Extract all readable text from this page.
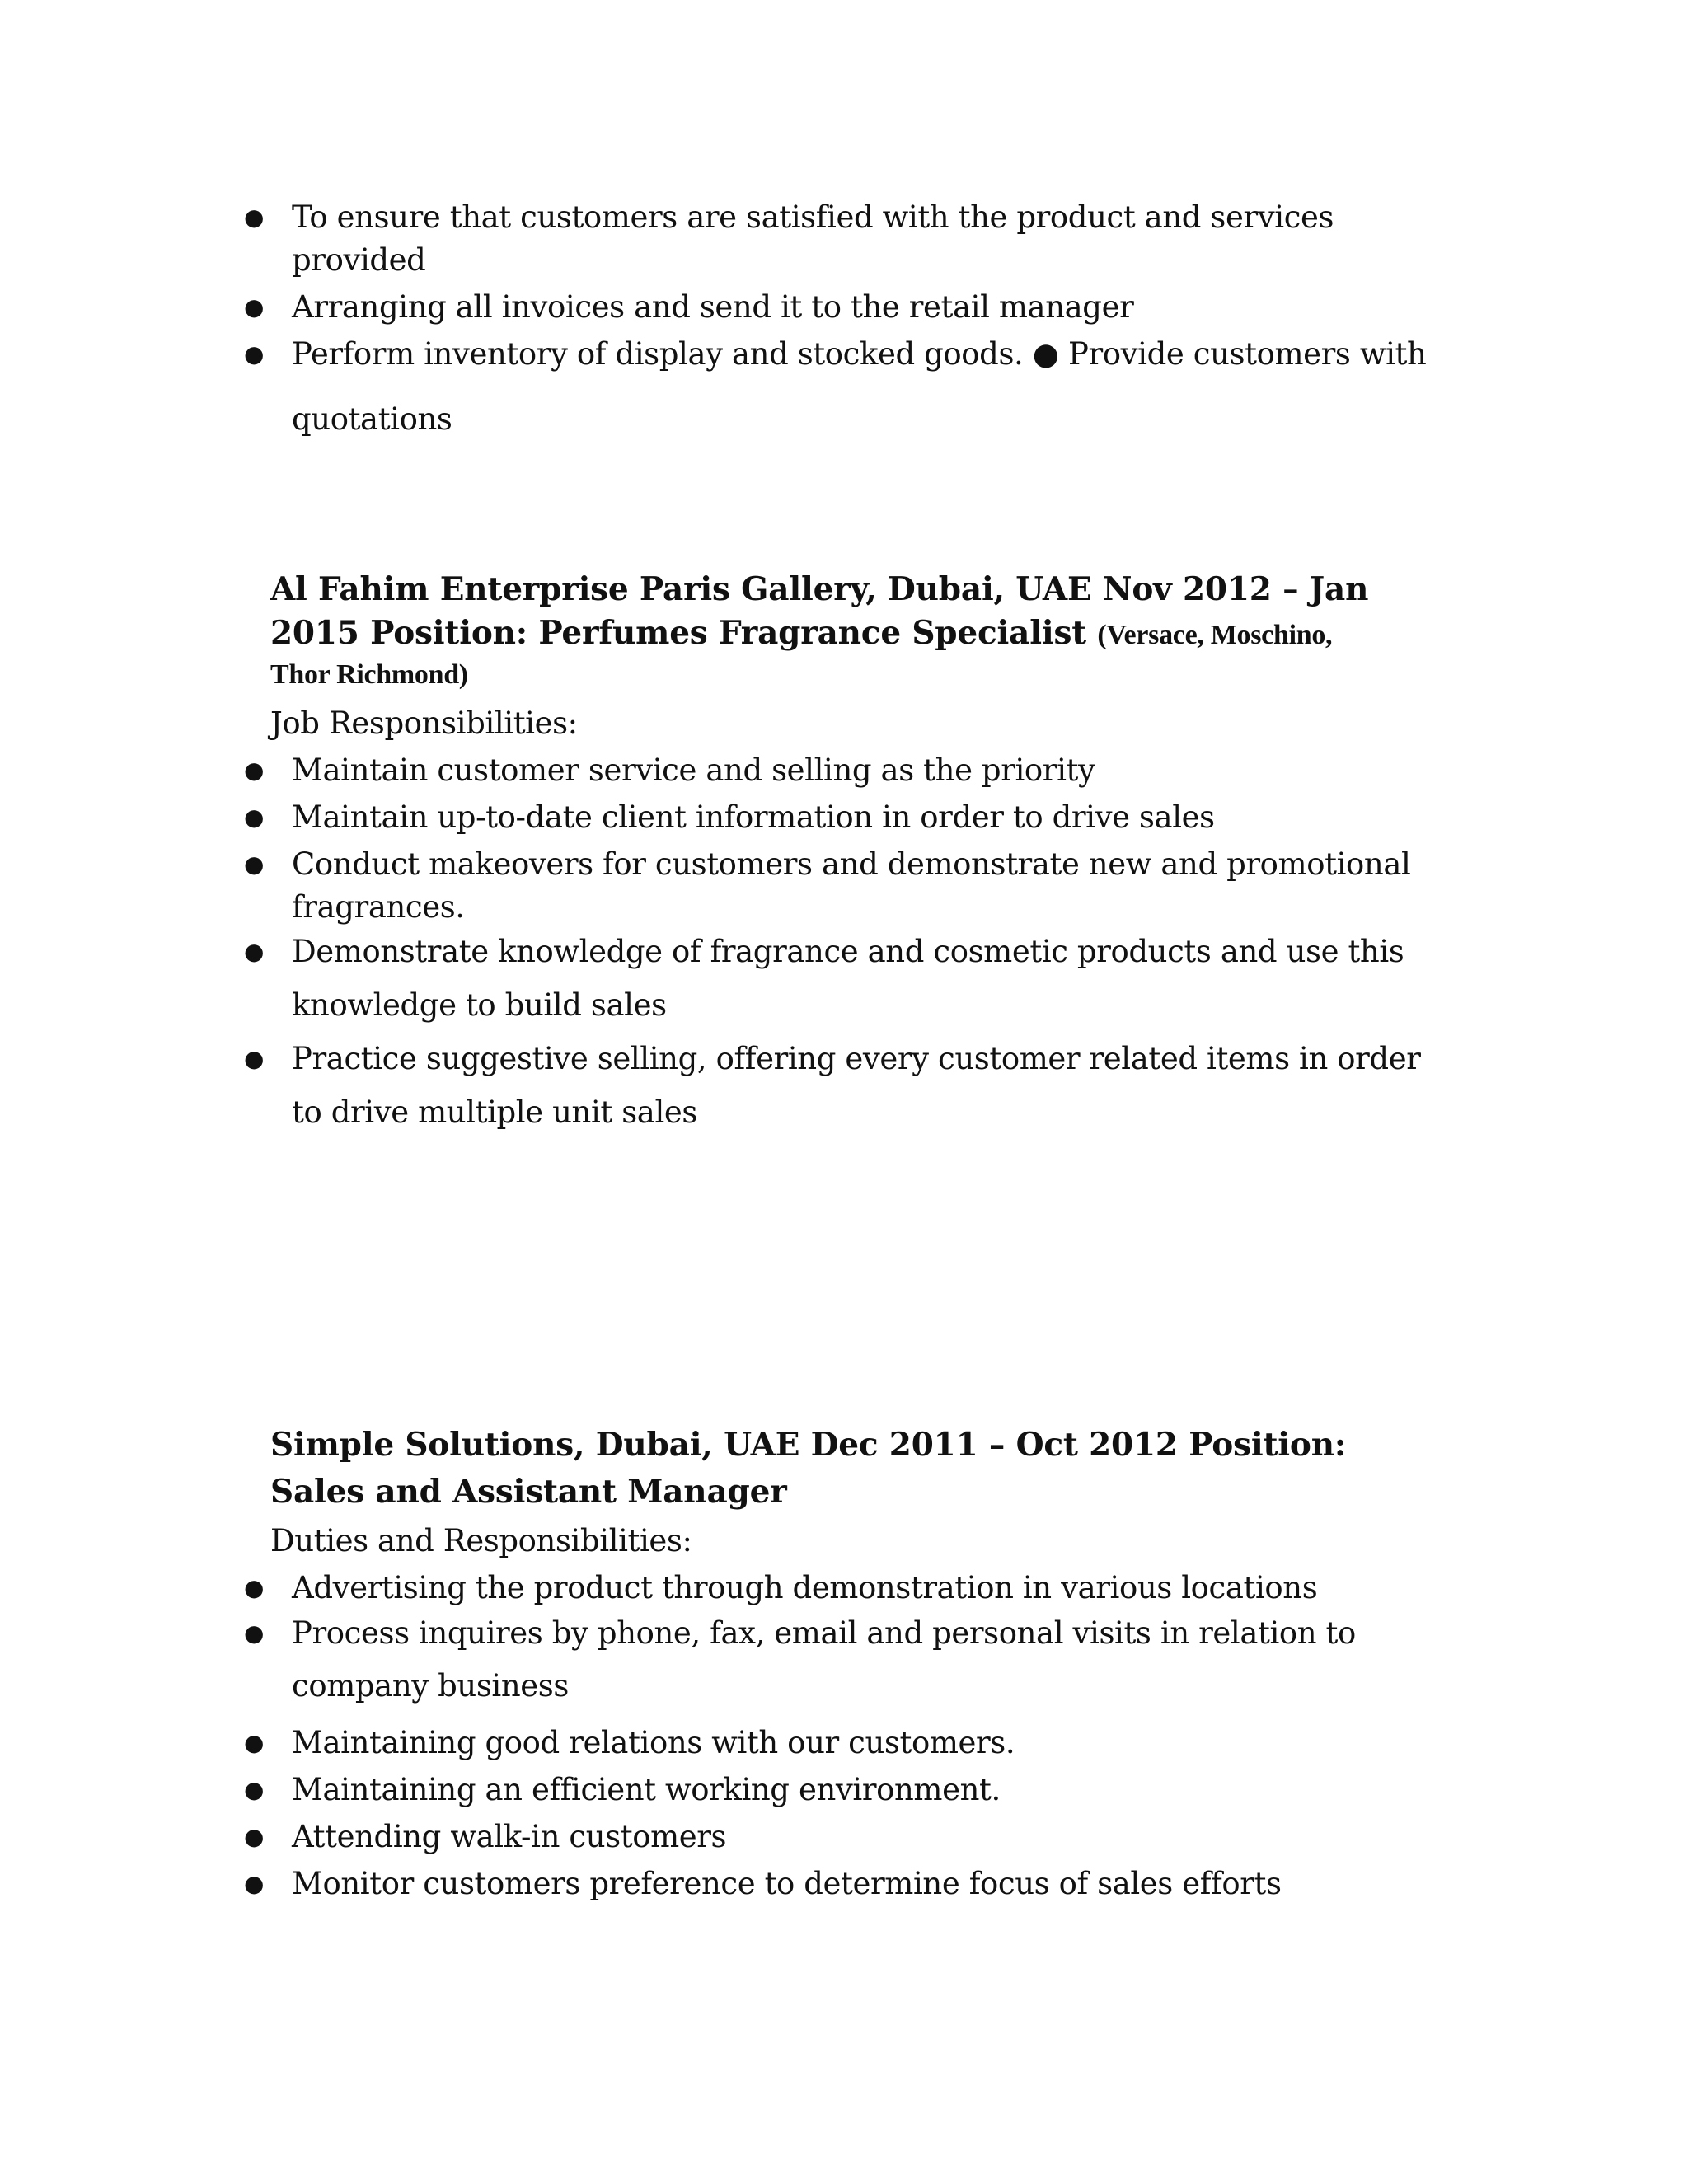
● To ensure that customers are satisfied with the product and services
provided
● Arranging all invoices and send it to the retail manager
● Perform inventory of display and stocked goods. ● Provide customers with
quotations
Al Fahim Enterprise Paris Gallery, Dubai, UAE Nov 2012 – Jan
2015 Position: Perfumes Fragrance Specialist (Versace, Moschino,
Thor Richmond)
Job Responsibilities:
● Maintain customer service and selling as the priority
● Maintain up-to-date client information in order to drive sales
● Conduct makeovers for customers and demonstrate new and promotional
fragrances.
● Demonstrate knowledge of fragrance and cosmetic products and use this
knowledge to build sales
● Practice suggestive selling, offering every customer related items in order
to drive multiple unit sales
Simple Solutions, Dubai, UAE Dec 2011 – Oct 2012 Position:
Sales and Assistant Manager
Duties and Responsibilities:
● Advertising the product through demonstration in various locations
● Process inquires by phone, fax, email and personal visits in relation to
company business
● Maintaining good relations with our customers.
● Maintaining an efficient working environment.
● Attending walk-in customers
● Monitor customers preference to determine focus of sales efforts
